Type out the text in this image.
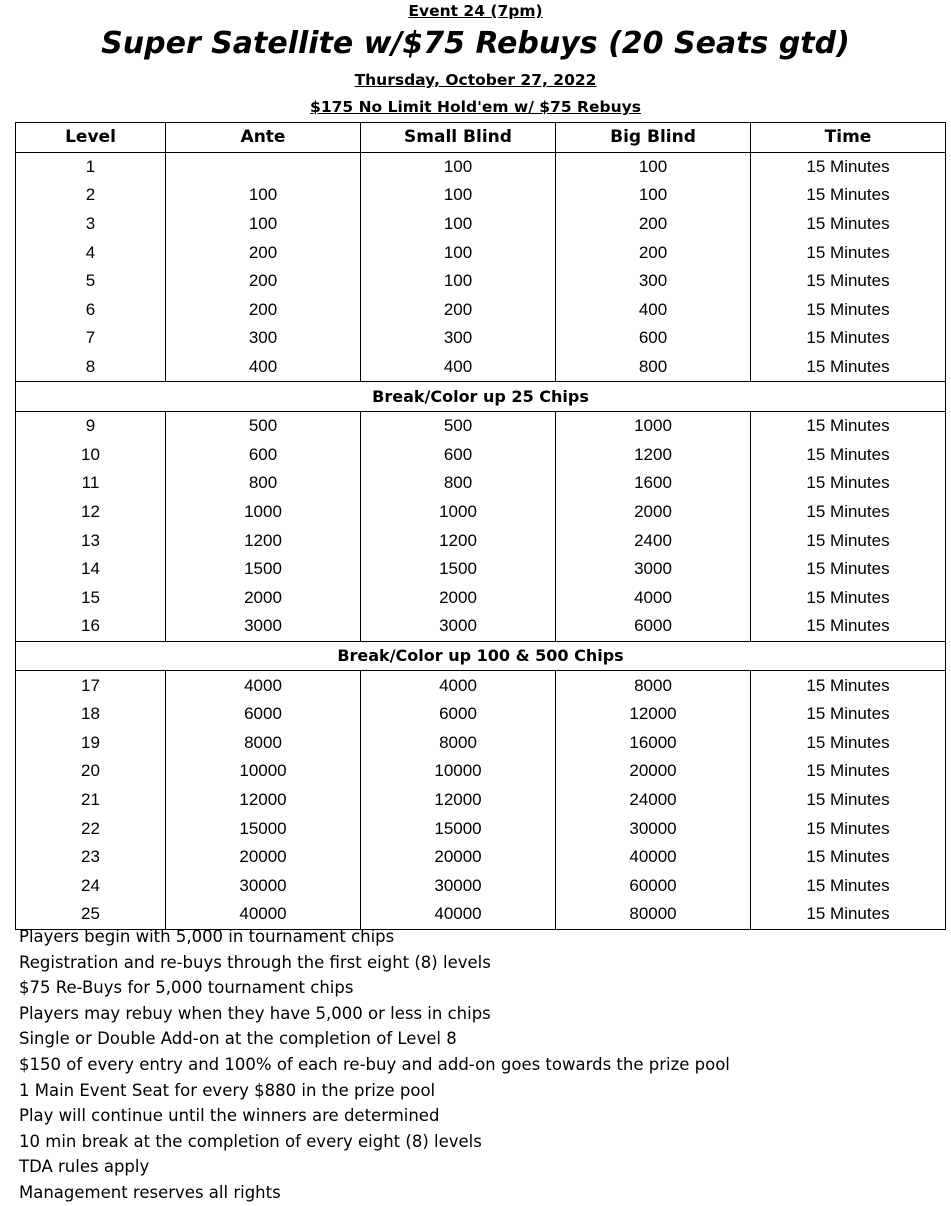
Event 24 (7pm)
Super Satellite w/$75 Rebuys (20 Seats gtd)
Thursday, October 27, 2022
$175 No Limit Hold'em w/ $75 Rebuys
Level	Ante	Small Blind	Big Blind	Time
1		100	100	15 Minutes
2	100	100	100	15 Minutes
3	100	100	200	15 Minutes
4	200	100	200	15 Minutes
5	200	100	300	15 Minutes
6	200	200	400	15 Minutes
7	300	300	600	15 Minutes
8	400	400	800	15 Minutes
Break/Color up 25 Chips				
9	500	500	1000	15 Minutes
10	600	600	1200	15 Minutes
11	800	800	1600	15 Minutes
12	1000	1000	2000	15 Minutes
13	1200	1200	2400	15 Minutes
14	1500	1500	3000	15 Minutes
15	2000	2000	4000	15 Minutes
16	3000	3000	6000	15 Minutes
Break/Color up 100 & 500 Chips				
17	4000	4000	8000	15 Minutes
18	6000	6000	12000	15 Minutes
19	8000	8000	16000	15 Minutes
20	10000	10000	20000	15 Minutes
21	12000	12000	24000	15 Minutes
22	15000	15000	30000	15 Minutes
23	20000	20000	40000	15 Minutes
24	30000	30000	60000	15 Minutes
25	40000	40000	80000	15 Minutes
Players begin with 5,000 in tournament chips
Registration and re-buys through the first eight (8) levels
$75 Re-Buys for 5,000 tournament chips
Players may rebuy when they have 5,000 or less in chips
Single or Double Add-on at the completion of Level 8
$150 of every entry and 100% of each re-buy and add-on goes towards the prize pool
1 Main Event Seat for every $880 in the prize pool
Play will continue until the winners are determined
10 min break at the completion of every eight (8) levels
TDA rules apply
Management reserves all rights
